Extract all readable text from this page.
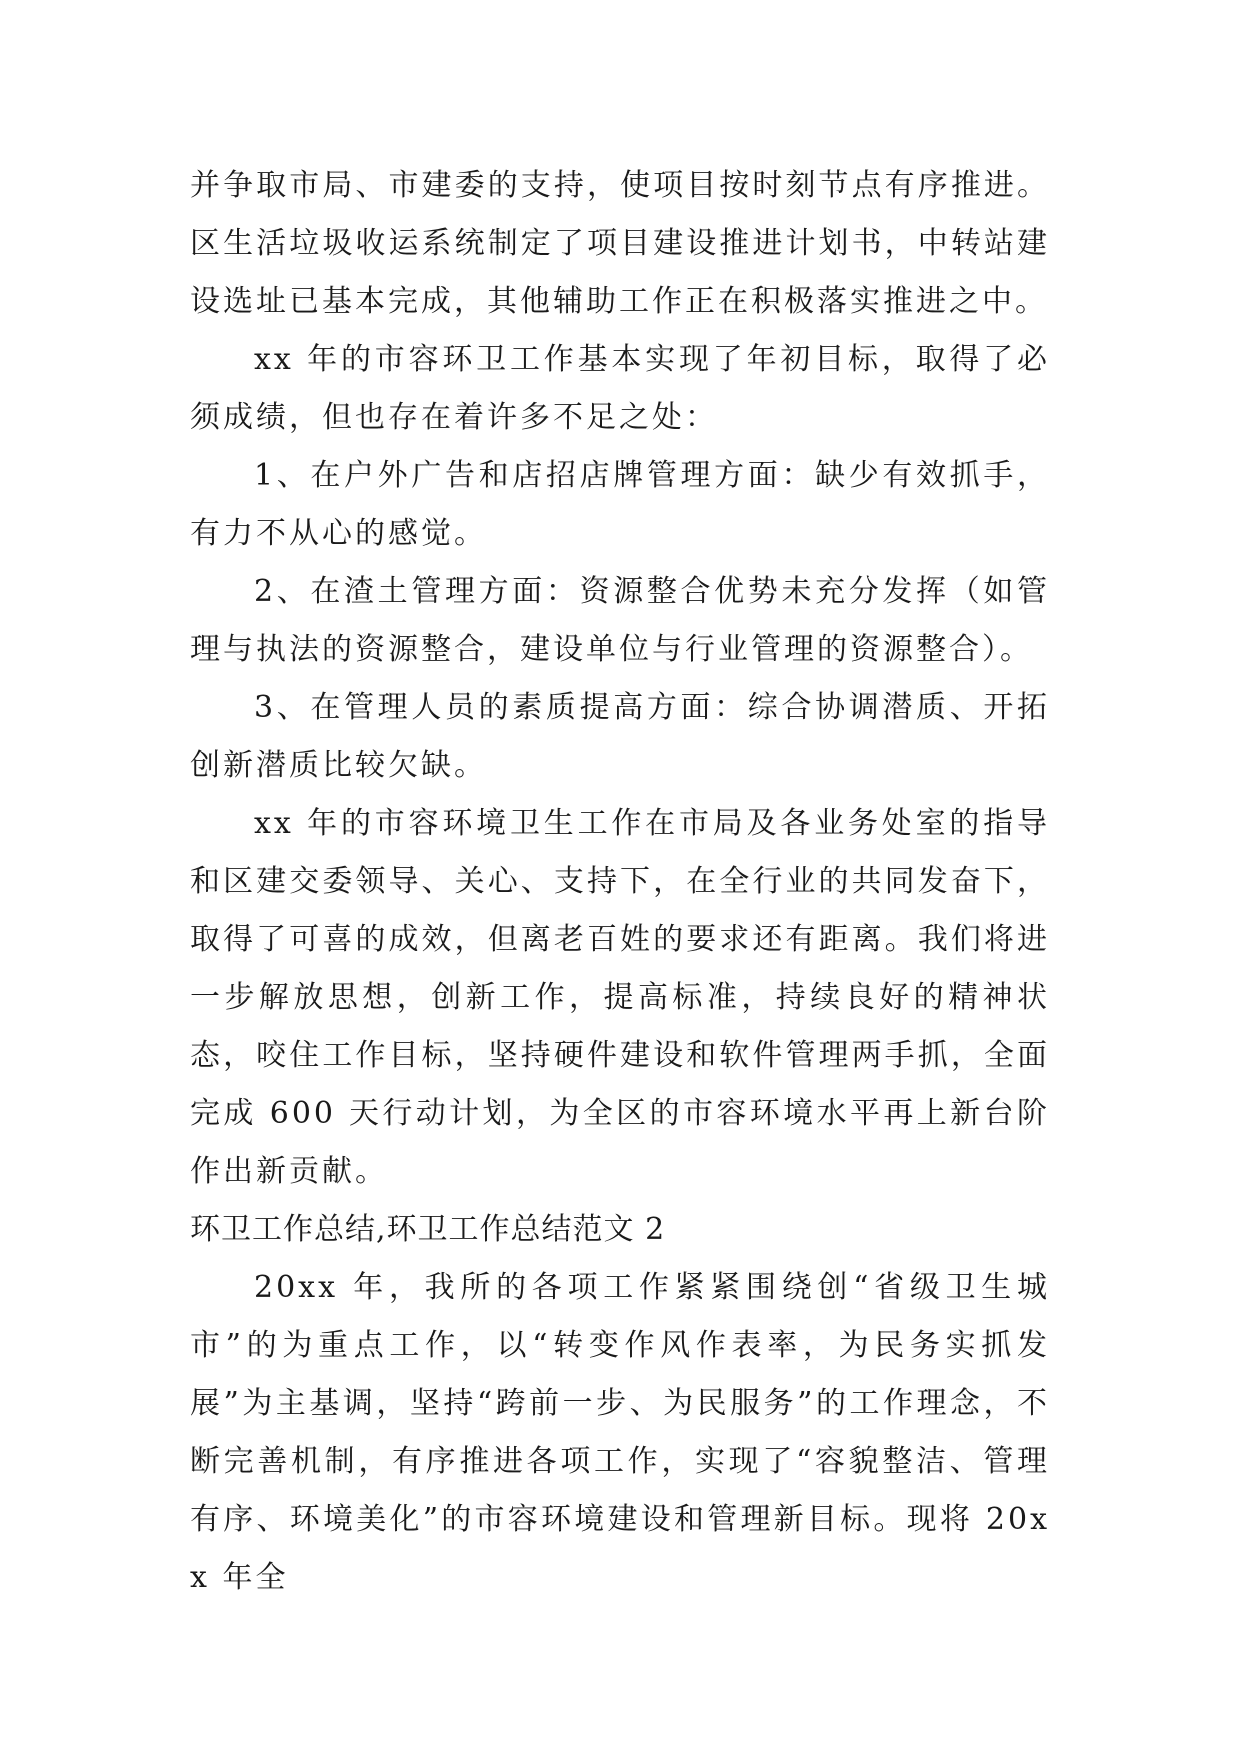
并争取市局、市建委的支持，使项目按时刻节点有序推进。区生活垃圾收运系统制定了项目建设推进计划书，中转站建设选址已基本完成，其他辅助工作正在积极落实推进之中。

xx 年的市容环卫工作基本实现了年初目标，取得了必须成绩，但也存在着许多不足之处：

1、在户外广告和店招店牌管理方面：缺少有效抓手，有力不从心的感觉。

2、在渣土管理方面：资源整合优势未充分发挥（如管理与执法的资源整合，建设单位与行业管理的资源整合）。

3、在管理人员的素质提高方面：综合协调潜质、开拓创新潜质比较欠缺。

xx 年的市容环境卫生工作在市局及各业务处室的指导和区建交委领导、关心、支持下，在全行业的共同发奋下，取得了可喜的成效，但离老百姓的要求还有距离。我们将进一步解放思想，创新工作，提高标准，持续良好的精神状态，咬住工作目标，坚持硬件建设和软件管理两手抓，全面完成 600 天行动计划，为全区的市容环境水平再上新台阶作出新贡献。

环卫工作总结,环卫工作总结范文 2

20xx 年，我所的各项工作紧紧围绕创“省级卫生城市”的为重点工作，以“转变作风作表率，为民务实抓发展”为主基调，坚持“跨前一步、为民服务”的工作理念，不断完善机制，有序推进各项工作，实现了“容貌整洁、管理有序、环境美化”的市容环境建设和管理新目标。现将 20xx 年全
